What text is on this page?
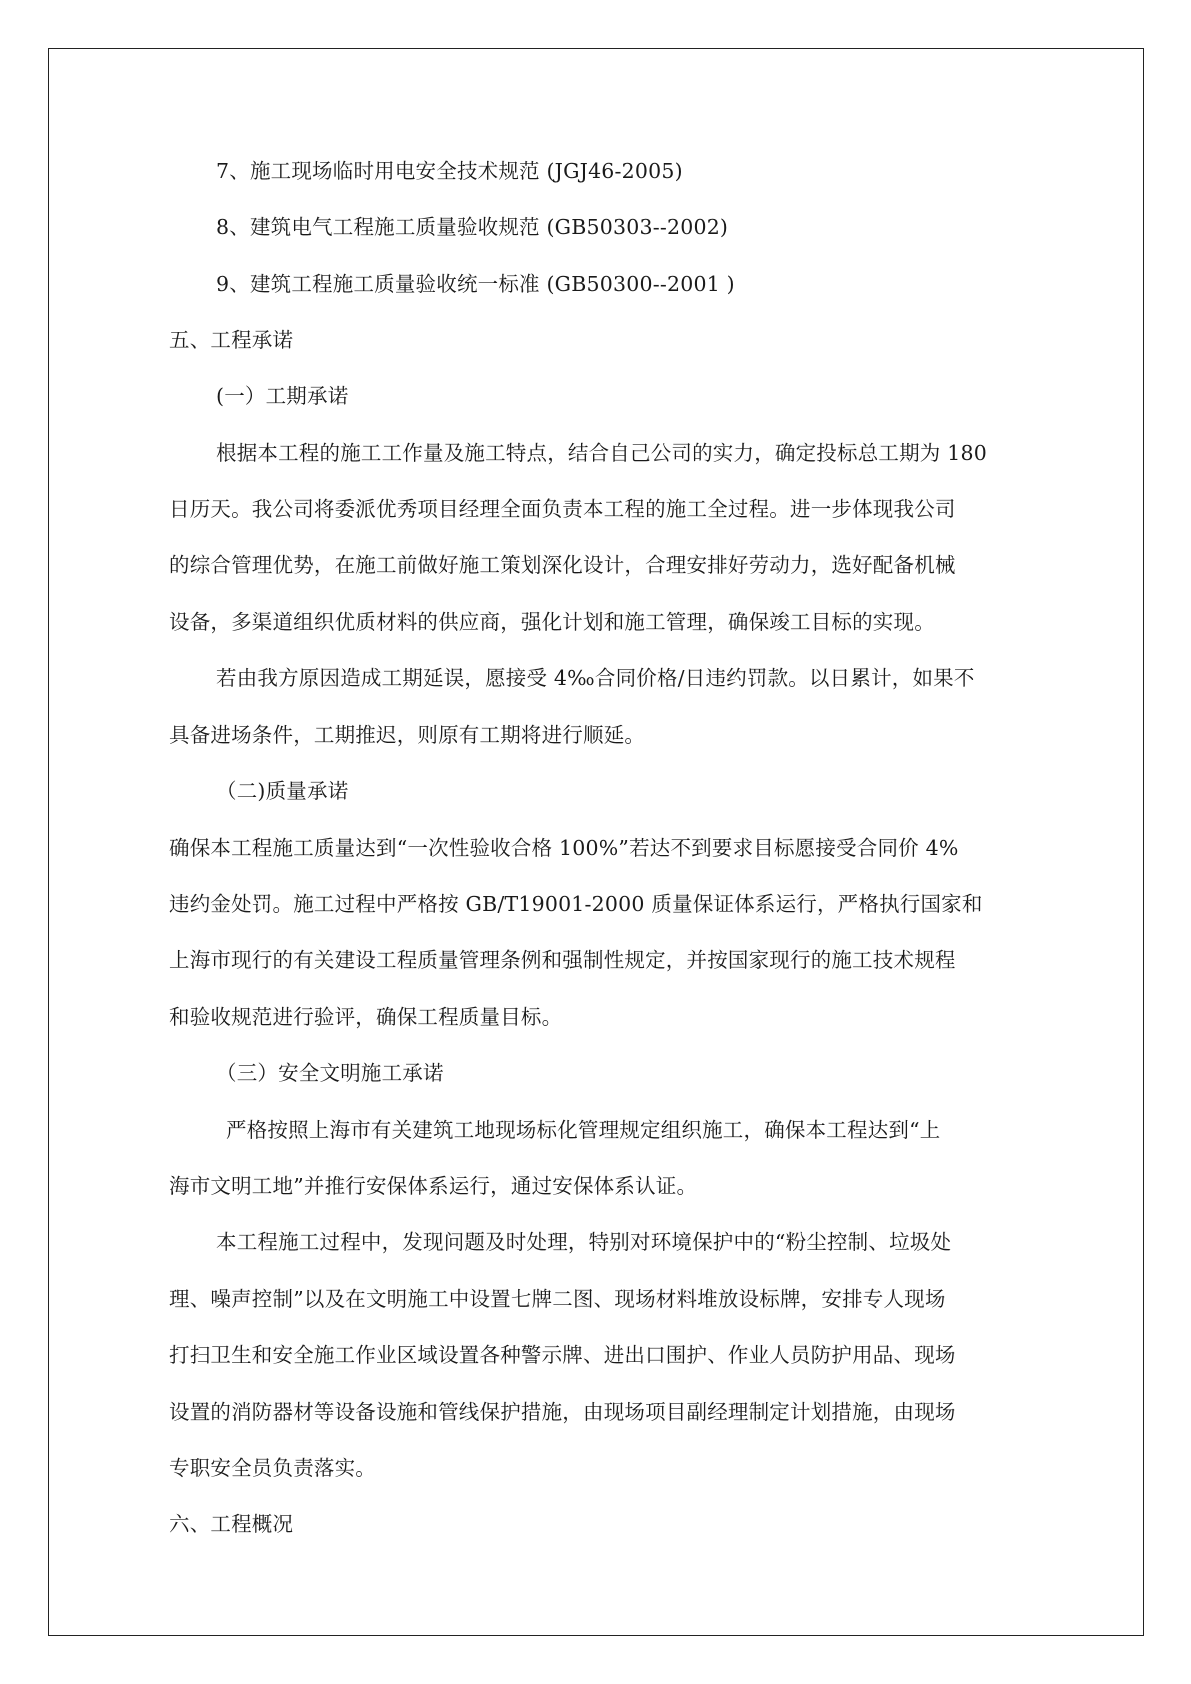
7、施工现场临时用电安全技术规范 (JGJ46-2005)
8、建筑电气工程施工质量验收规范 (GB50303--2002)
9、建筑工程施工质量验收统一标准 (GB50300--2001 )
五、工程承诺
(一）工期承诺
根据本工程的施工工作量及施工特点，结合自己公司的实力，确定投标总工期为 180
日历天。我公司将委派优秀项目经理全面负责本工程的施工全过程。进一步体现我公司
的综合管理优势，在施工前做好施工策划深化设计，合理安排好劳动力，选好配备机械
设备，多渠道组织优质材料的供应商，强化计划和施工管理，确保竣工目标的实现。
若由我方原因造成工期延误，愿接受 4‰合同价格/日违约罚款。以日累计，如果不
具备进场条件，工期推迟，则原有工期将进行顺延。
（二)质量承诺
确保本工程施工质量达到“一次性验收合格 100%”若达不到要求目标愿接受合同价 4%
违约金处罚。施工过程中严格按 GB/T19001-2000 质量保证体系运行，严格执行国家和
上海市现行的有关建设工程质量管理条例和强制性规定，并按国家现行的施工技术规程
和验收规范进行验评，确保工程质量目标。
（三）安全文明施工承诺
严格按照上海市有关建筑工地现场标化管理规定组织施工，确保本工程达到“上
海市文明工地”并推行安保体系运行，通过安保体系认证。
本工程施工过程中，发现问题及时处理，特别对环境保护中的“粉尘控制、垃圾处
理、噪声控制”以及在文明施工中设置七牌二图、现场材料堆放设标牌，安排专人现场
打扫卫生和安全施工作业区域设置各种警示牌、进出口围护、作业人员防护用品、现场
设置的消防器材等设备设施和管线保护措施，由现场项目副经理制定计划措施，由现场
专职安全员负责落实。
六、工程概况
